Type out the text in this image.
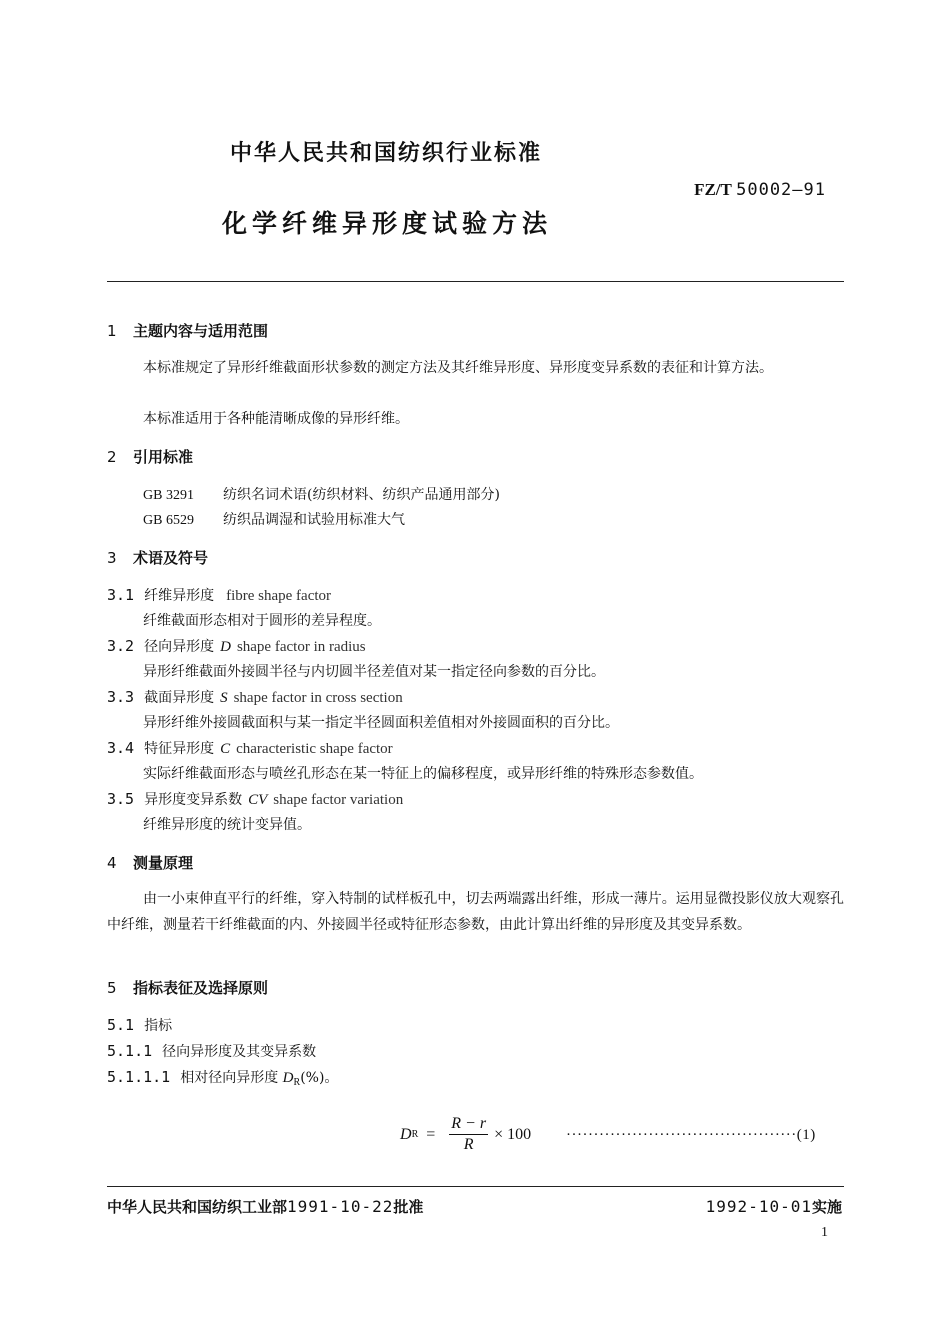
中华人民共和国纺织行业标准
FZ/T 50002—91
化学纤维异形度试验方法
1 主题内容与适用范围
本标准规定了异形纤维截面形状参数的测定方法及其纤维异形度、异形度变异系数的表征和计算方法。
本标准适用于各种能清晰成像的异形纤维。
2 引用标准
GB 3291 纺织名词术语(纺织材料、纺织产品通用部分)
GB 6529 纺织品调湿和试验用标准大气
3 术语及符号
3.1 纤维异形度 fibre shape factor
纤维截面形态相对于圆形的差异程度。
3.2 径向异形度 D shape factor in radius
异形纤维截面外接圆半径与内切圆半径差值对某一指定径向参数的百分比。
3.3 截面异形度 S shape factor in cross section
异形纤维外接圆截面积与某一指定半径圆面积差值相对外接圆面积的百分比。
3.4 特征异形度 C characteristic shape factor
实际纤维截面形态与喷丝孔形态在某一特征上的偏移程度，或异形纤维的特殊形态参数值。
3.5 异形度变异系数 CV shape factor variation
纤维异形度的统计变异值。
4 测量原理
由一小束伸直平行的纤维，穿入特制的试样板孔中，切去两端露出纤维，形成一薄片。运用显微投影仪放大观察孔中纤维，测量若干纤维截面的内、外接圆半径或特征形态参数，由此计算出纤维的异形度及其变异系数。
5 指标表征及选择原则
5.1 指标
5.1.1 径向异形度及其变异系数
5.1.1.1 相对径向异形度 $D_R(\%)$。
D $R = \frac{R - r}{R} \times 100 \cdot\cdot\cdot\cdot\cdot\cdot\cdot\cdot\cdot\cdot\cdot\cdot\cdot\cdot\cdot\cdot\cdot\cdot\cdot\cdot\cdot\cdot\cdot\cdot\cdot\cdot\cdot\cdot\cdot\cdot\cdot\cdot\cdot\cdot\cdot\cdot\cdot\cdot\cdot\cdot\cdot\cdot(1)$
中华人民共和国纺织工业部1991-10-22批准	1992-10-01实施
1
